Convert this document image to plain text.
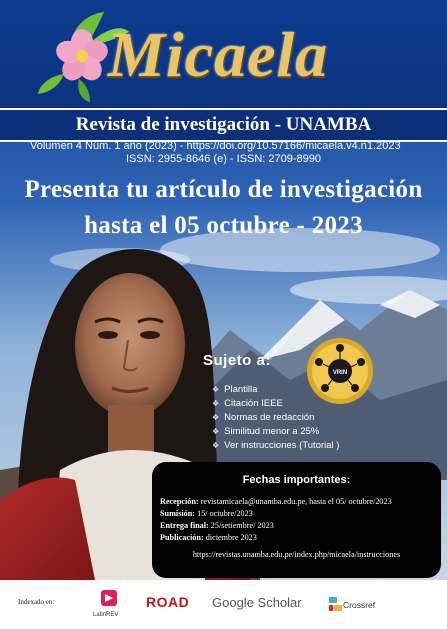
Micaela
Revista de investigación - UNAMBA
Volumen 4 Núm. 1 año (2023) - https://doi.org/10.57166/micaela.v4.n1.2023
ISSN: 2955-8646 (e) - ISSN: 2709-8990
Presenta tu artículo de investigación
hasta el 05 octubre - 2023
VRIN
Sujeto a:
❖ Plantilla
❖ Citación IEEE
❖ Normas de redacción
❖ Similitud menor a 25%
❖ Ver instrucciones (Tutorial )
Fechas importantes:
Recepción: revistamicaela@unamba.edu.pe, hasta el 05/ octubre/2023
Sumisión: 15/ octubre/2023
Entrega final: 25/setiembre/ 2023
Publicación: diciembre 2023
https://revistas.unamba.edu.pe/index.php/micaela/instrucciones
Indexado en:
LatinREV
ROAD Google Scholar	Crossref
